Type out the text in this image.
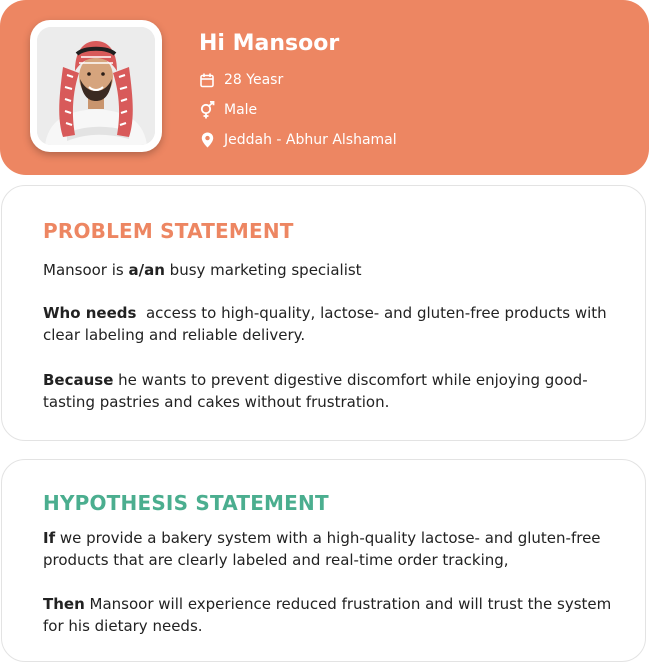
Hi Mansoor
28 Yeasr
Male
Jeddah - Abhur Alshamal
PROBLEM STATEMENT
Mansoor is a/an busy marketing specialist
Who needs  access to high-quality, lactose- and gluten-free products with clear labeling and reliable delivery.
Because he wants to prevent digestive discomfort while enjoying good-tasting pastries and cakes without frustration.
HYPOTHESIS STATEMENT
If we provide a bakery system with a high-quality lactose- and gluten-free products that are clearly labeled and real-time order tracking,
Then Mansoor will experience reduced frustration and will trust the system for his dietary needs.
